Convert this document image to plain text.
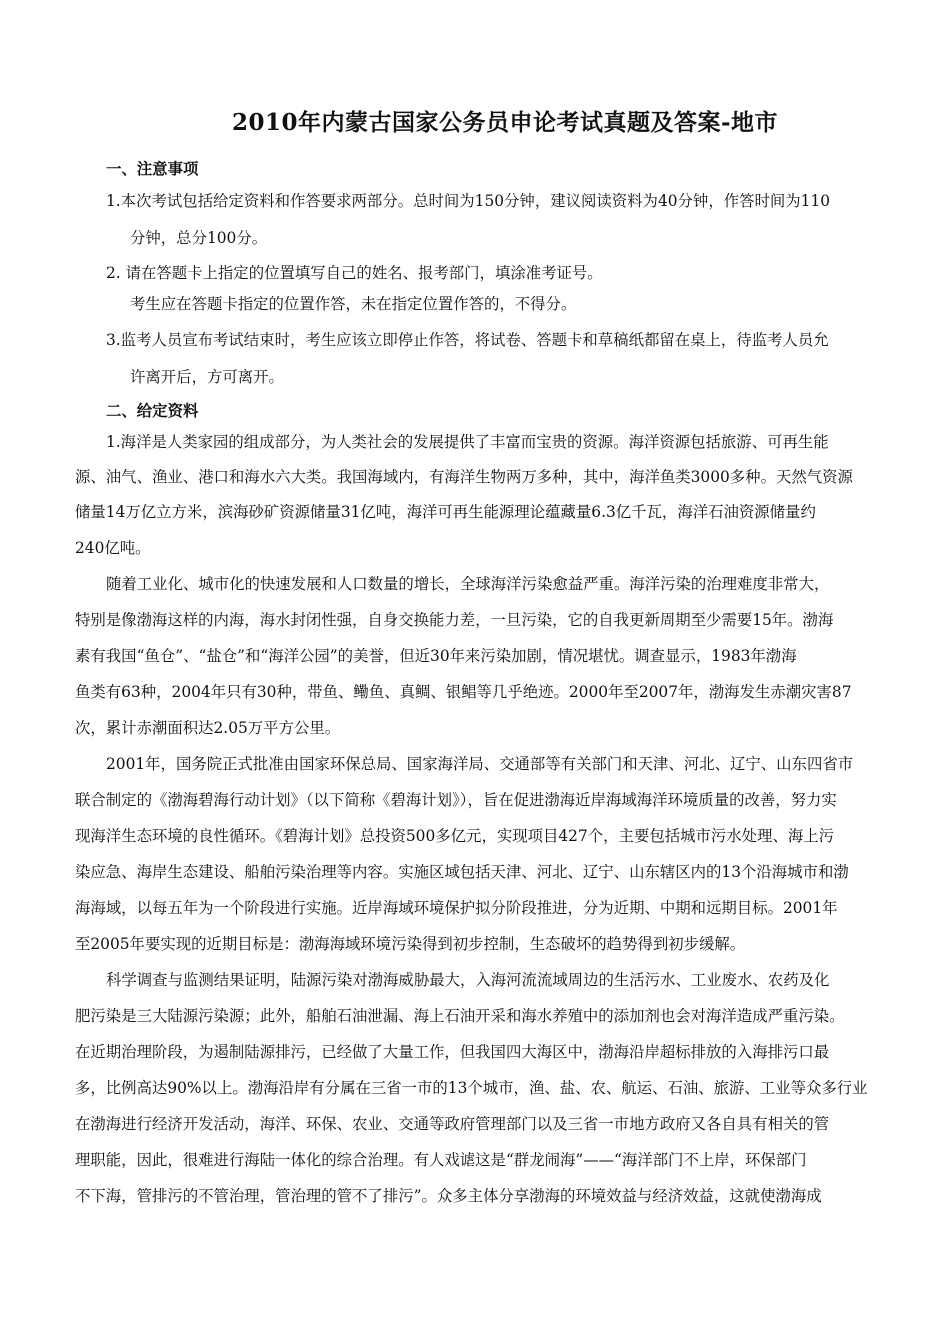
2010年内蒙古国家公务员申论考试真题及答案-地市
一、注意事项
1.本次考试包括给定资料和作答要求两部分。总时间为150分钟，建议阅读资料为40分钟，作答时间为110
分钟，总分100分。
2. 请在答题卡上指定的位置填写自己的姓名、报考部门，填涂准考证号。
考生应在答题卡指定的位置作答，未在指定位置作答的，不得分。
3.监考人员宣布考试结束时，考生应该立即停止作答，将试卷、答题卡和草稿纸都留在桌上，待监考人员允
许离开后，方可离开。
二、给定资料
1.海洋是人类家园的组成部分，为人类社会的发展提供了丰富而宝贵的资源。海洋资源包括旅游、可再生能
源、油气、渔业、港口和海水六大类。我国海域内，有海洋生物两万多种，其中，海洋鱼类3000多种。天然气资源
储量14万亿立方米，滨海砂矿资源储量31亿吨，海洋可再生能源理论蕴藏量6.3亿千瓦，海洋石油资源储量约
240亿吨。
随着工业化、城市化的快速发展和人口数量的增长，全球海洋污染愈益严重。海洋污染的治理难度非常大，
特别是像渤海这样的内海，海水封闭性强，自身交换能力差，一旦污染，它的自我更新周期至少需要15年。渤海
素有我国“鱼仓”、“盐仓”和“海洋公园”的美誉，但近30年来污染加剧，情况堪忧。调查显示，1983年渤海
鱼类有63种，2004年只有30种，带鱼、鳓鱼、真鲷、银鲳等几乎绝迹。2000年至2007年，渤海发生赤潮灾害87
次，累计赤潮面积达2.05万平方公里。
2001年，国务院正式批准由国家环保总局、国家海洋局、交通部等有关部门和天津、河北、辽宁、山东四省市
联合制定的《渤海碧海行动计划》（以下简称《碧海计划》），旨在促进渤海近岸海域海洋环境质量的改善，努力实
现海洋生态环境的良性循环。《碧海计划》总投资500多亿元，实现项目427个，主要包括城市污水处理、海上污
染应急、海岸生态建设、船舶污染治理等内容。实施区域包括天津、河北、辽宁、山东辖区内的13个沿海城市和渤
海海域，以每五年为一个阶段进行实施。近岸海域环境保护拟分阶段推进，分为近期、中期和远期目标。2001年
至2005年要实现的近期目标是：渤海海域环境污染得到初步控制，生态破坏的趋势得到初步缓解。
科学调查与监测结果证明，陆源污染对渤海威胁最大，入海河流流域周边的生活污水、工业废水、农药及化
肥污染是三大陆源污染源；此外，船舶石油泄漏、海上石油开采和海水养殖中的添加剂也会对海洋造成严重污染。
在近期治理阶段，为遏制陆源排污，已经做了大量工作，但我国四大海区中，渤海沿岸超标排放的入海排污口最
多，比例高达90%以上。渤海沿岸有分属在三省一市的13个城市，渔、盐、农、航运、石油、旅游、工业等众多行业
在渤海进行经济开发活动，海洋、环保、农业、交通等政府管理部门以及三省一市地方政府又各自具有相关的管
理职能，因此，很难进行海陆一体化的综合治理。有人戏谑这是“群龙闹海”——“海洋部门不上岸，环保部门
不下海，管排污的不管治理，管治理的管不了排污”。众多主体分享渤海的环境效益与经济效益，这就使渤海成
